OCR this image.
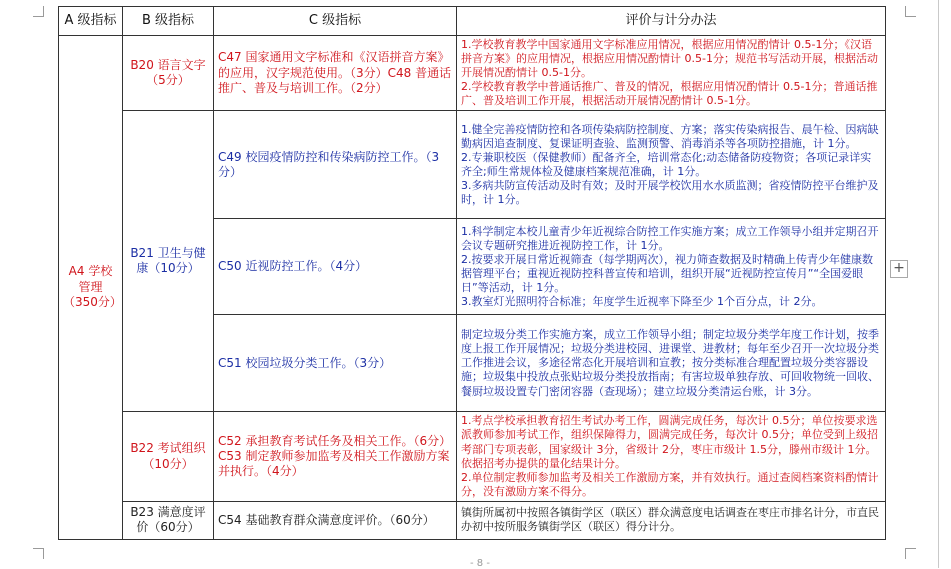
A 级指标	B 级指标	C 级指标	评价与计分办法
A4 学校管理（350分）	B20 语言文字（5分）	C47 国家通用文字标准和《汉语拼音方案》的应用，汉字规范使用。（3分）C48 普通话推广、普及与培训工作。（2分）	1.学校教育教学中国家通用文字标准应用情况，根据应用情况酌情计 0.5-1分；《汉语拼音方案》的应用情况，根据应用情况酌情计 0.5-1分；规范书写活动开展，根据活动开展情况酌情计 0.5-1分。
2.学校教育教学中普通话推广、普及的情况，根据应用情况酌情计 0.5-1分；普通话推广、普及培训工作开展，根据活动开展情况酌情计 0.5-1分。

	B21 卫生与健康（10分）	C49 校园疫情防控和传染病防控工作。（3分）	1.健全完善疫情防控和各项传染病防控制度、方案；落实传染病报告、晨午检、因病缺勤病因追查制度、复课证明查验、监测预警、消毒消杀等各项防控措施，计 1分。
2.专兼职校医（保健教师）配备齐全，培训常态化;动态储备防疫物资；各项记录详实齐全;师生常规体检及健康档案规范准确，计 1分。
3.多病共防宣传活动及时有效；及时开展学校饮用水水质监测；省疫情防控平台维护及时，计 1分。

		C50 近视防控工作。（4分）	1.科学制定本校儿童青少年近视综合防控工作实施方案；成立工作领导小组并定期召开会议专题研究推进近视防控工作，计 1分。
2.按要求开展日常近视筛查（每学期两次），视力筛查数据及时精确上传青少年健康数据管理平台；重视近视防控科普宣传和培训，组织开展“近视防控宣传月”“全国爱眼日”等活动，计 1分。
3.教室灯光照明符合标准；年度学生近视率下降至少 1个百分点，计 2分。

		C51 校园垃圾分类工作。（3分）	制定垃圾分类工作实施方案，成立工作领导小组；制定垃圾分类学年度工作计划，按季度上报工作开展情况；垃圾分类进校园、进课堂、进教材；每年至少召开一次垃圾分类工作推进会议，多途径常态化开展培训和宣教；按分类标准合理配置垃圾分类容器设施；垃圾集中投放点张贴垃圾分类投放指南；有害垃圾单独存放、可回收物统一回收、餐厨垃圾设置专门密闭容器（查现场）；建立垃圾分类清运台账，计 3分。
	B22 考试组织（10分）	C52 承担教育考试任务及相关工作。（6分）C53 制定教师参加监考及相关工作激励方案并执行。（4分）	1.考点学校承担教育招生考试办考工作，圆满完成任务，每次计 0.5分；单位按要求选派教师参加考试工作，组织保障得力，圆满完成任务，每次计 0.5分；单位受到上级招考部门专项表彰，国家级计 3分，省级计 2分，枣庄市级计 1.5分，滕州市级计 1分。依据招考办提供的量化结果计分。
2.单位制定教师参加监考及相关工作激励方案，并有效执行。通过查阅档案资料酌情计分，没有激励方案不得分。

	B23 满意度评价（60分）	C54 基础教育群众满意度评价。（60分）	镇街所属初中按照各镇街学区（联区）群众满意度电话调查在枣庄市排名计分，市直民办初中按所服务镇街学区（联区）得分计分。
+
- 8 -
